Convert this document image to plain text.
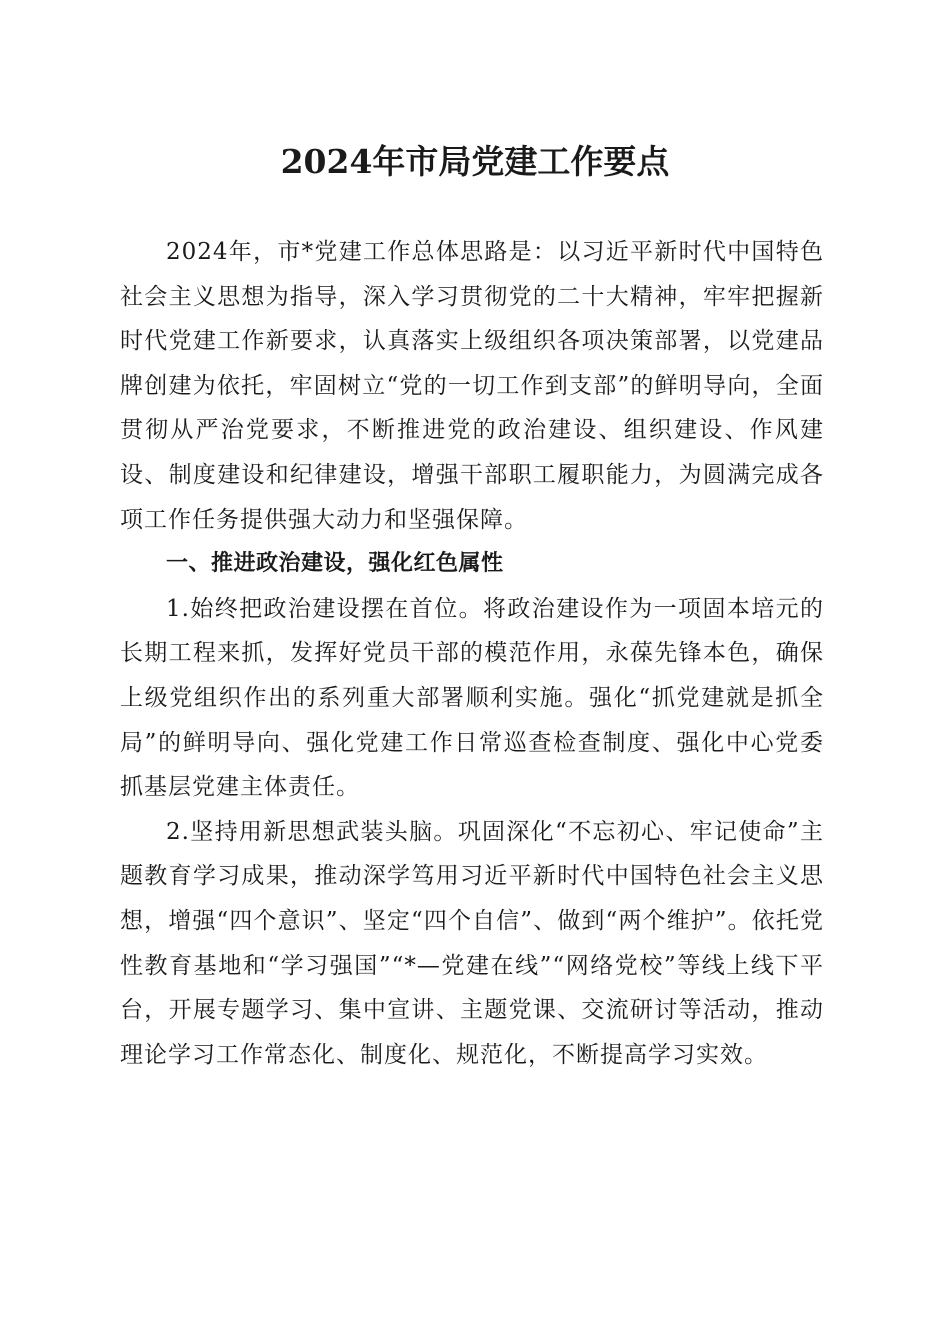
2024年市局党建工作要点

2024年，市*党建工作总体思路是：以习近平新时代中国特色社会主义思想为指导，深入学习贯彻党的二十大精神，牢牢把握新时代党建工作新要求，认真落实上级组织各项决策部署，以党建品牌创建为依托，牢固树立“党的一切工作到支部”的鲜明导向，全面贯彻从严治党要求，不断推进党的政治建设、组织建设、作风建设、制度建设和纪律建设，增强干部职工履职能力，为圆满完成各项工作任务提供强大动力和坚强保障。

一、推进政治建设，强化红色属性

1.始终把政治建设摆在首位。将政治建设作为一项固本培元的长期工程来抓，发挥好党员干部的模范作用，永葆先锋本色，确保上级党组织作出的系列重大部署顺利实施。强化“抓党建就是抓全局”的鲜明导向、强化党建工作日常巡查检查制度、强化中心党委抓基层党建主体责任。

2.坚持用新思想武装头脑。巩固深化“不忘初心、牢记使命”主题教育学习成果，推动深学笃用习近平新时代中国特色社会主义思想，增强“四个意识”、坚定“四个自信”、做到“两个维护”。依托党性教育基地和“学习强国”“*—党建在线”“网络党校”等线上线下平台，开展专题学习、集中宣讲、主题党课、交流研讨等活动，推动理论学习工作常态化、制度化、规范化，不断提高学习实效。
